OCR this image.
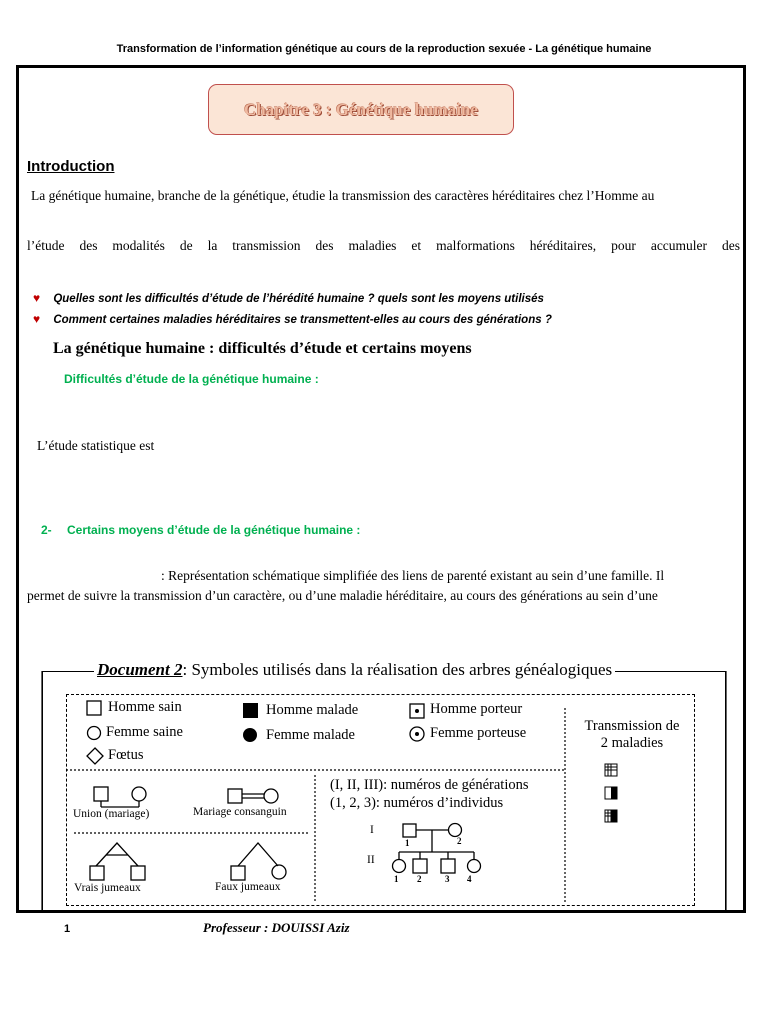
Transformation de l’information génétique au cours de la reproduction sexuée - La génétique humaine
Chapitre 3 : Génétique humaine
Introduction
La génétique humaine, branche de la génétique, étudie la transmission des caractères héréditaires chez l’Homme au
l’étude des modalités de la transmission des maladies et malformations héréditaires, pour accumuler des
♥ Quelles sont les difficultés d’étude de l’hérédité humaine ? quels sont les moyens utilisés
♥ Comment certaines maladies héréditaires se transmettent-elles au cours des générations ?
La génétique humaine : difficultés d’étude et certains moyens
Difficultés d’étude de la génétique humaine :
L’étude statistique est
2- Certains moyens d’étude de la génétique humaine :
: Représentation schématique simplifiée des liens de parenté existant au sein d’une famille. Il
permet de suivre la transmission d’un caractère, ou d’une maladie héréditaire, au cours des générations au sein d’une
Document 2: Symboles utilisés dans la réalisation des arbres généalogiques
Homme sain
Femme saine
Fœtus
Homme malade
Femme malade
Homme porteur
Femme porteuse	Transmission de
2 maladies
Union (mariage)	Mariage consanguin
Vrais jumeaux	Faux jumeaux
(I, II, III): numéros de générations
(1, 2, 3): numéros d’individus
I
II
1	2
1 2	3 4
1	Professeur : DOUISSI Aziz
